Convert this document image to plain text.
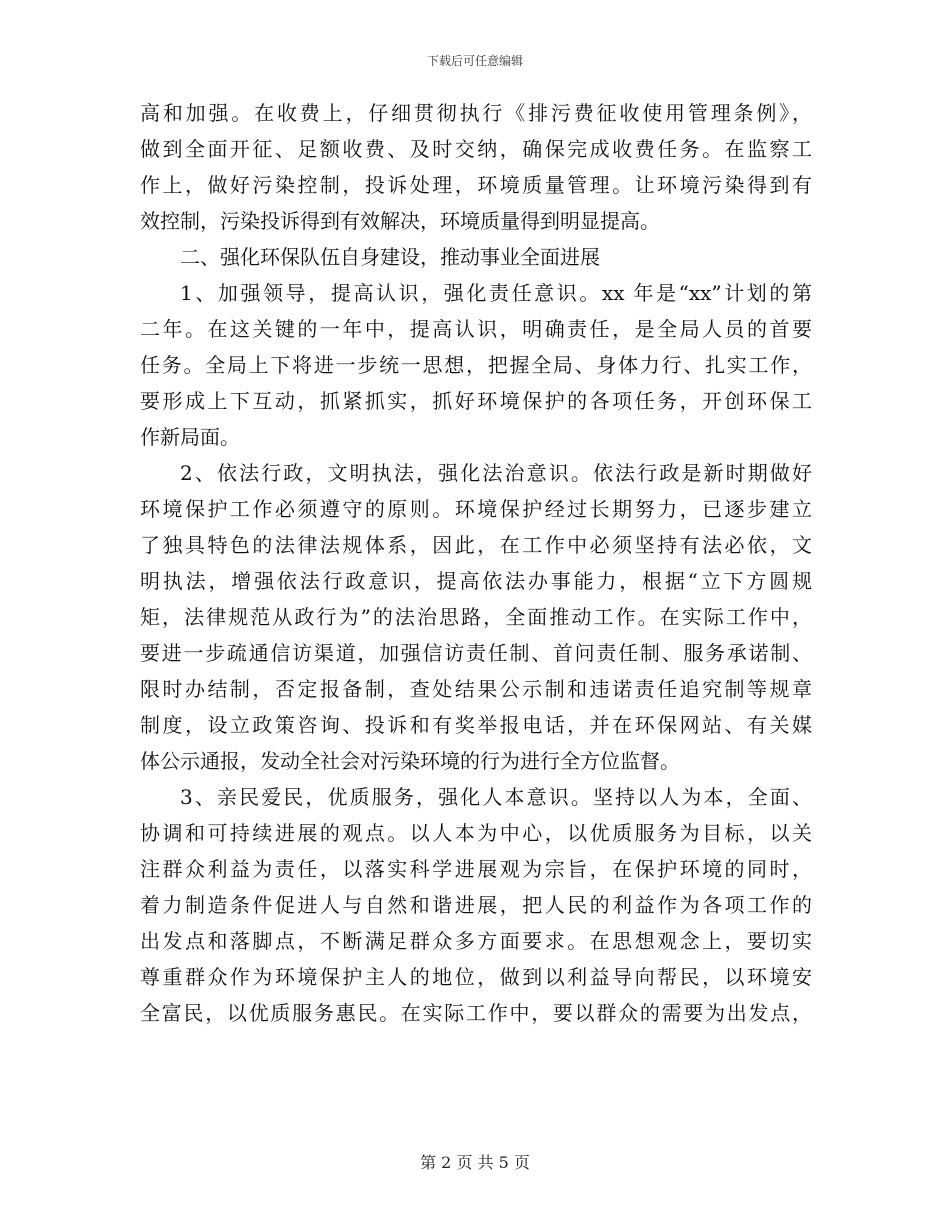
下载后可任意编辑
高和加强。在收费上，仔细贯彻执行《排污费征收使用管理条例》，
做到全面开征、足额收费、及时交纳，确保完成收费任务。在监察工
作上，做好污染控制，投诉处理，环境质量管理。让环境污染得到有
效控制，污染投诉得到有效解决，环境质量得到明显提高。
二、强化环保队伍自身建设，推动事业全面进展
1、加强领导，提高认识，强化责任意识。xx 年是“xx”计划的第
二年。在这关键的一年中，提高认识，明确责任，是全局人员的首要
任务。全局上下将进一步统一思想，把握全局、身体力行、扎实工作，
要形成上下互动，抓紧抓实，抓好环境保护的各项任务，开创环保工
作新局面。
2、依法行政，文明执法，强化法治意识。依法行政是新时期做好
环境保护工作必须遵守的原则。环境保护经过长期努力，已逐步建立
了独具特色的法律法规体系，因此，在工作中必须坚持有法必依，文
明执法，增强依法行政意识，提高依法办事能力，根据“立下方圆规
矩，法律规范从政行为”的法治思路，全面推动工作。在实际工作中，
要进一步疏通信访渠道，加强信访责任制、首问责任制、服务承诺制、
限时办结制，否定报备制，查处结果公示制和违诺责任追究制等规章
制度，设立政策咨询、投诉和有奖举报电话，并在环保网站、有关媒
体公示通报，发动全社会对污染环境的行为进行全方位监督。
3、亲民爱民，优质服务，强化人本意识。坚持以人为本，全面、
协调和可持续进展的观点。以人本为中心，以优质服务为目标，以关
注群众利益为责任，以落实科学进展观为宗旨，在保护环境的同时，
着力制造条件促进人与自然和谐进展，把人民的利益作为各项工作的
出发点和落脚点，不断满足群众多方面要求。在思想观念上，要切实
尊重群众作为环境保护主人的地位，做到以利益导向帮民，以环境安
全富民，以优质服务惠民。在实际工作中，要以群众的需要为出发点，
第 2 页 共 5 页
